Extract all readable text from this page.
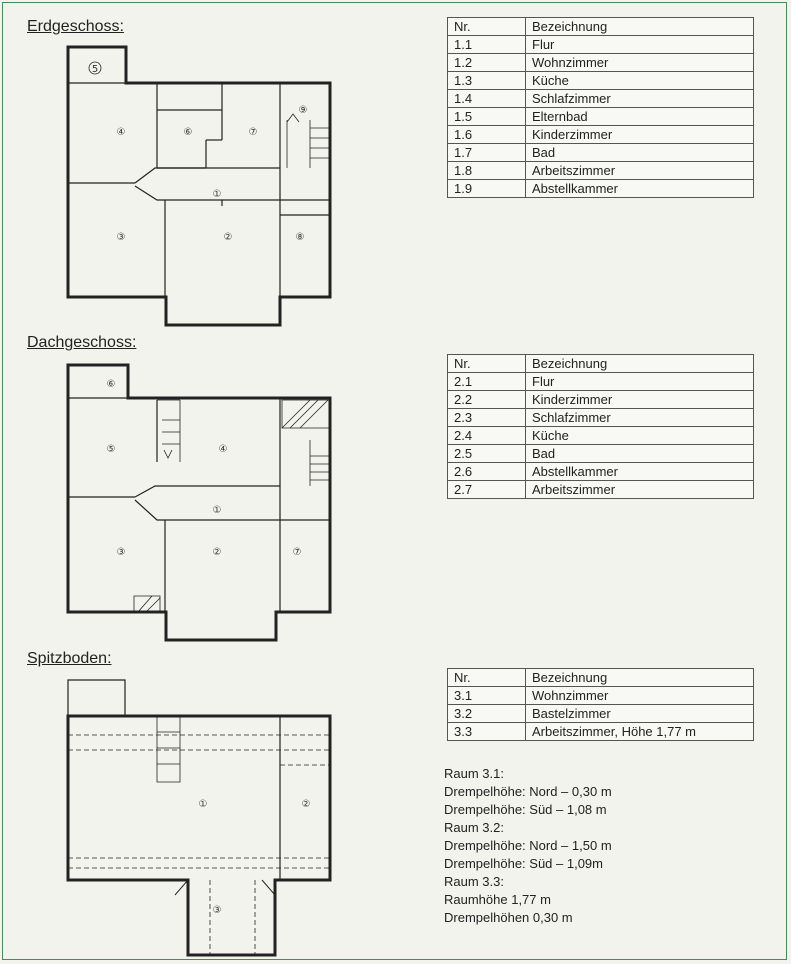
Erdgeschoss:
Dachgeschoss:
Spitzboden:
Nr.	Bezeichnung
1.1	Flur
1.2	Wohnzimmer
1.3	Küche
1.4	Schlafzimmer
1.5	Elternbad
1.6	Kinderzimmer
1.7	Bad
1.8	Arbeitszimmer
1.9	Abstellkammer
Nr.	Bezeichnung
2.1	Flur
2.2	Kinderzimmer
2.3	Schlafzimmer
2.4	Küche
2.5	Bad
2.6	Abstellkammer
2.7	Arbeitszimmer
Nr.	Bezeichnung
3.1	Wohnzimmer
3.2	Bastelzimmer
3.3	Arbeitszimmer, Höhe 1,77 m
Raum 3.1:
Drempelhöhe: Nord – 0,30 m
Drempelhöhe: Süd – 1,08 m
Raum 3.2:
Drempelhöhe: Nord – 1,50 m
Drempelhöhe: Süd – 1,09m
Raum 3.3:
Raumhöhe 1,77 m
Drempelhöhen 0,30 m
5
④	⑥	⑦
⑨
①
③	②	⑧
⑥
⑤	④
①
③	②	⑦
①	②
③
